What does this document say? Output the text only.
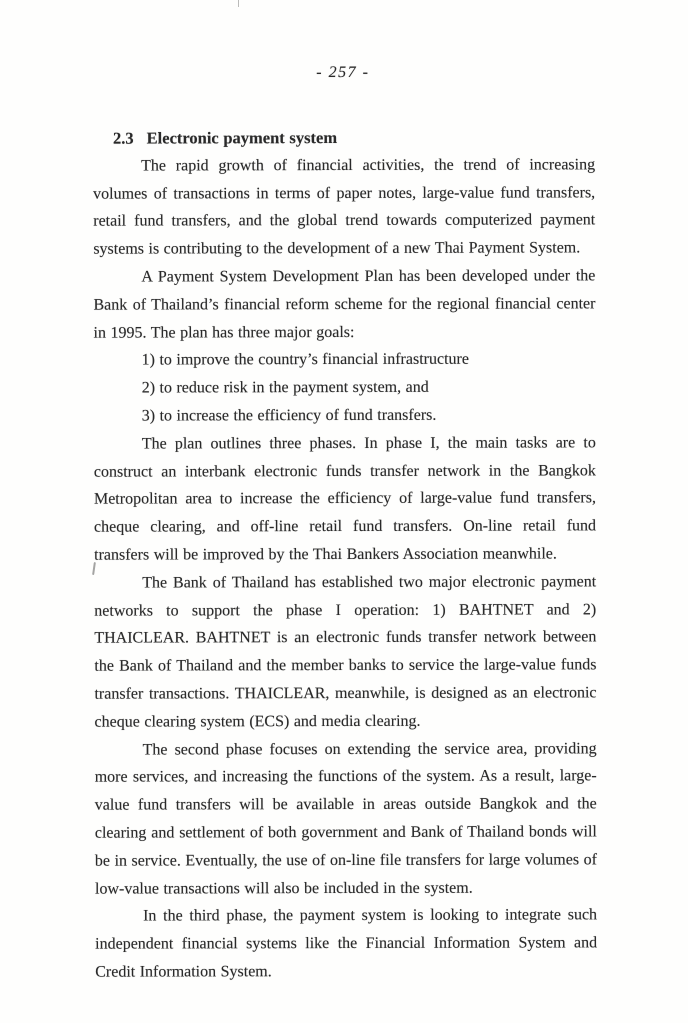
- 257 -
2.3 Electronic payment system

The rapid growth of financial activities, the trend of increasing volumes of transactions in terms of paper notes, large-value fund transfers, retail fund transfers, and the global trend towards computerized payment systems is contributing to the development of a new Thai Payment System.

A Payment System Development Plan has been developed under the Bank of Thailand’s financial reform scheme for the regional financial center in 1995. The plan has three major goals:

1) to improve the country’s financial infrastructure
2) to reduce risk in the payment system, and
3) to increase the efficiency of fund transfers.

The plan outlines three phases. In phase I, the main tasks are to construct an interbank electronic funds transfer network in the Bangkok Metropolitan area to increase the efficiency of large-value fund transfers, cheque clearing, and off-line retail fund transfers. On-line retail fund transfers will be improved by the Thai Bankers Association meanwhile.

The Bank of Thailand has established two major electronic payment networks to support the phase I operation: 1) BAHTNET and 2) THAICLEAR. BAHTNET is an electronic funds transfer network between the Bank of Thailand and the member banks to service the large-value funds transfer transactions. THAICLEAR, meanwhile, is designed as an electronic cheque clearing system (ECS) and media clearing.

The second phase focuses on extending the service area, providing more services, and increasing the functions of the system. As a result, large-value fund transfers will be available in areas outside Bangkok and the clearing and settlement of both government and Bank of Thailand bonds will be in service. Eventually, the use of on-line file transfers for large volumes of low-value transactions will also be included in the system.

In the third phase, the payment system is looking to integrate such independent financial systems like the Financial Information System and Credit Information System.
